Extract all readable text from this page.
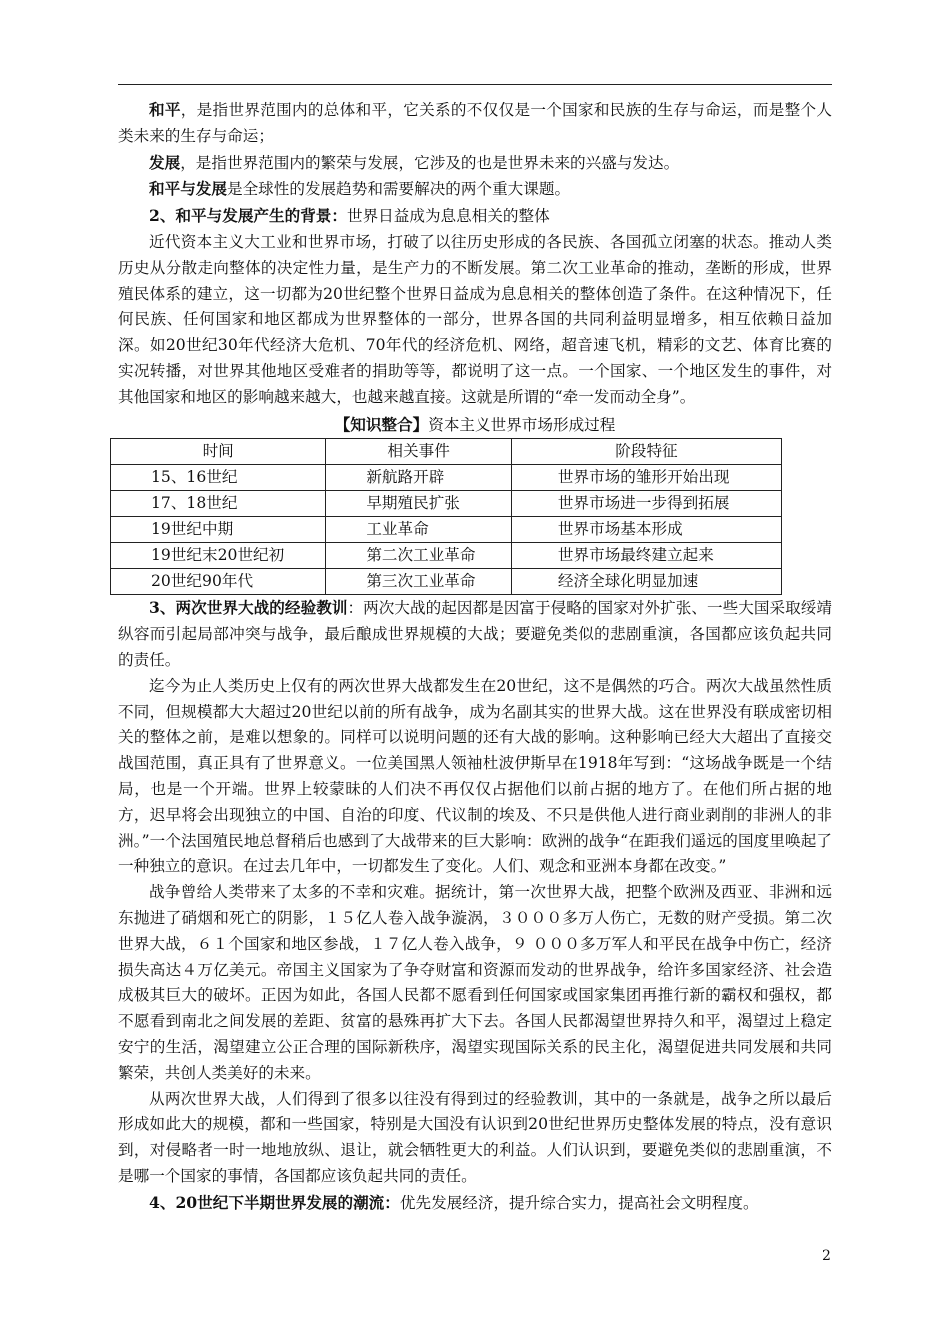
和平，是指世界范围内的总体和平，它关系的不仅仅是一个国家和民族的生存与命运，而是整个人类未来的生存与命运；

发展，是指世界范围内的繁荣与发展，它涉及的也是世界未来的兴盛与发达。

和平与发展是全球性的发展趋势和需要解决的两个重大课题。

2、和平与发展产生的背景：世界日益成为息息相关的整体

近代资本主义大工业和世界市场，打破了以往历史形成的各民族、各国孤立闭塞的状态。推动人类历史从分散走向整体的决定性力量，是生产力的不断发展。第二次工业革命的推动，垄断的形成，世界殖民体系的建立，这一切都为20世纪整个世界日益成为息息相关的整体创造了条件。在这种情况下，任何民族、任何国家和地区都成为世界整体的一部分，世界各国的共同利益明显增多，相互依赖日益加深。如20世纪30年代经济大危机、70年代的经济危机、网络，超音速飞机，精彩的文艺、体育比赛的实况转播，对世界其他地区受难者的捐助等等，都说明了这一点。一个国家、一个地区发生的事件，对其他国家和地区的影响越来越大，也越来越直接。这就是所谓的“牵一发而动全身”。

【知识整合】资本主义世界市场形成过程

时间	相关事件	阶段特征
15、16世纪	新航路开辟	世界市场的雏形开始出现
17、18世纪	早期殖民扩张	世界市场进一步得到拓展
19世纪中期	工业革命	世界市场基本形成
19世纪末20世纪初	第二次工业革命	世界市场最终建立起来
20世纪90年代	第三次工业革命	经济全球化明显加速

3、两次世界大战的经验教训：两次大战的起因都是因富于侵略的国家对外扩张、一些大国采取绥靖纵容而引起局部冲突与战争，最后酿成世界规模的大战；要避免类似的悲剧重演，各国都应该负起共同的责任。

迄今为止人类历史上仅有的两次世界大战都发生在20世纪，这不是偶然的巧合。两次大战虽然性质不同，但规模都大大超过20世纪以前的所有战争，成为名副其实的世界大战。这在世界没有联成密切相关的整体之前，是难以想象的。同样可以说明问题的还有大战的影响。这种影响已经大大超出了直接交战国范围，真正具有了世界意义。一位美国黑人领袖杜波伊斯早在1918年写到：“这场战争既是一个结局，也是一个开端。世界上较蒙昧的人们决不再仅仅占据他们以前占据的地方了。在他们所占据的地方，迟早将会出现独立的中国、自治的印度、代议制的埃及、不只是供他人进行商业剥削的非洲人的非洲。”一个法国殖民地总督稍后也感到了大战带来的巨大影响：欧洲的战争“在距我们遥远的国度里唤起了一种独立的意识。在过去几年中，一切都发生了变化。人们、观念和亚洲本身都在改变。”

战争曾给人类带来了太多的不幸和灾难。据统计，第一次世界大战，把整个欧洲及西亚、非洲和远东抛进了硝烟和死亡的阴影，１５亿人卷入战争漩涡，３０００多万人伤亡，无数的财产受损。第二次世界大战，６１个国家和地区参战，１７亿人卷入战争，９ ０００多万军人和平民在战争中伤亡，经济损失高达４万亿美元。帝国主义国家为了争夺财富和资源而发动的世界战争，给许多国家经济、社会造成极其巨大的破坏。正因为如此，各国人民都不愿看到任何国家或国家集团再推行新的霸权和强权，都不愿看到南北之间发展的差距、贫富的悬殊再扩大下去。各国人民都渴望世界持久和平，渴望过上稳定安宁的生活，渴望建立公正合理的国际新秩序，渴望实现国际关系的民主化，渴望促进共同发展和共同繁荣，共创人类美好的未来。

从两次世界大战，人们得到了很多以往没有得到过的经验教训，其中的一条就是，战争之所以最后形成如此大的规模，都和一些国家，特别是大国没有认识到20世纪世界历史整体发展的特点，没有意识到，对侵略者一时一地地放纵、退让，就会牺牲更大的利益。人们认识到，要避免类似的悲剧重演，不是哪一个国家的事情，各国都应该负起共同的责任。

4、20世纪下半期世界发展的潮流：优先发展经济，提升综合实力，提高社会文明程度。

2
